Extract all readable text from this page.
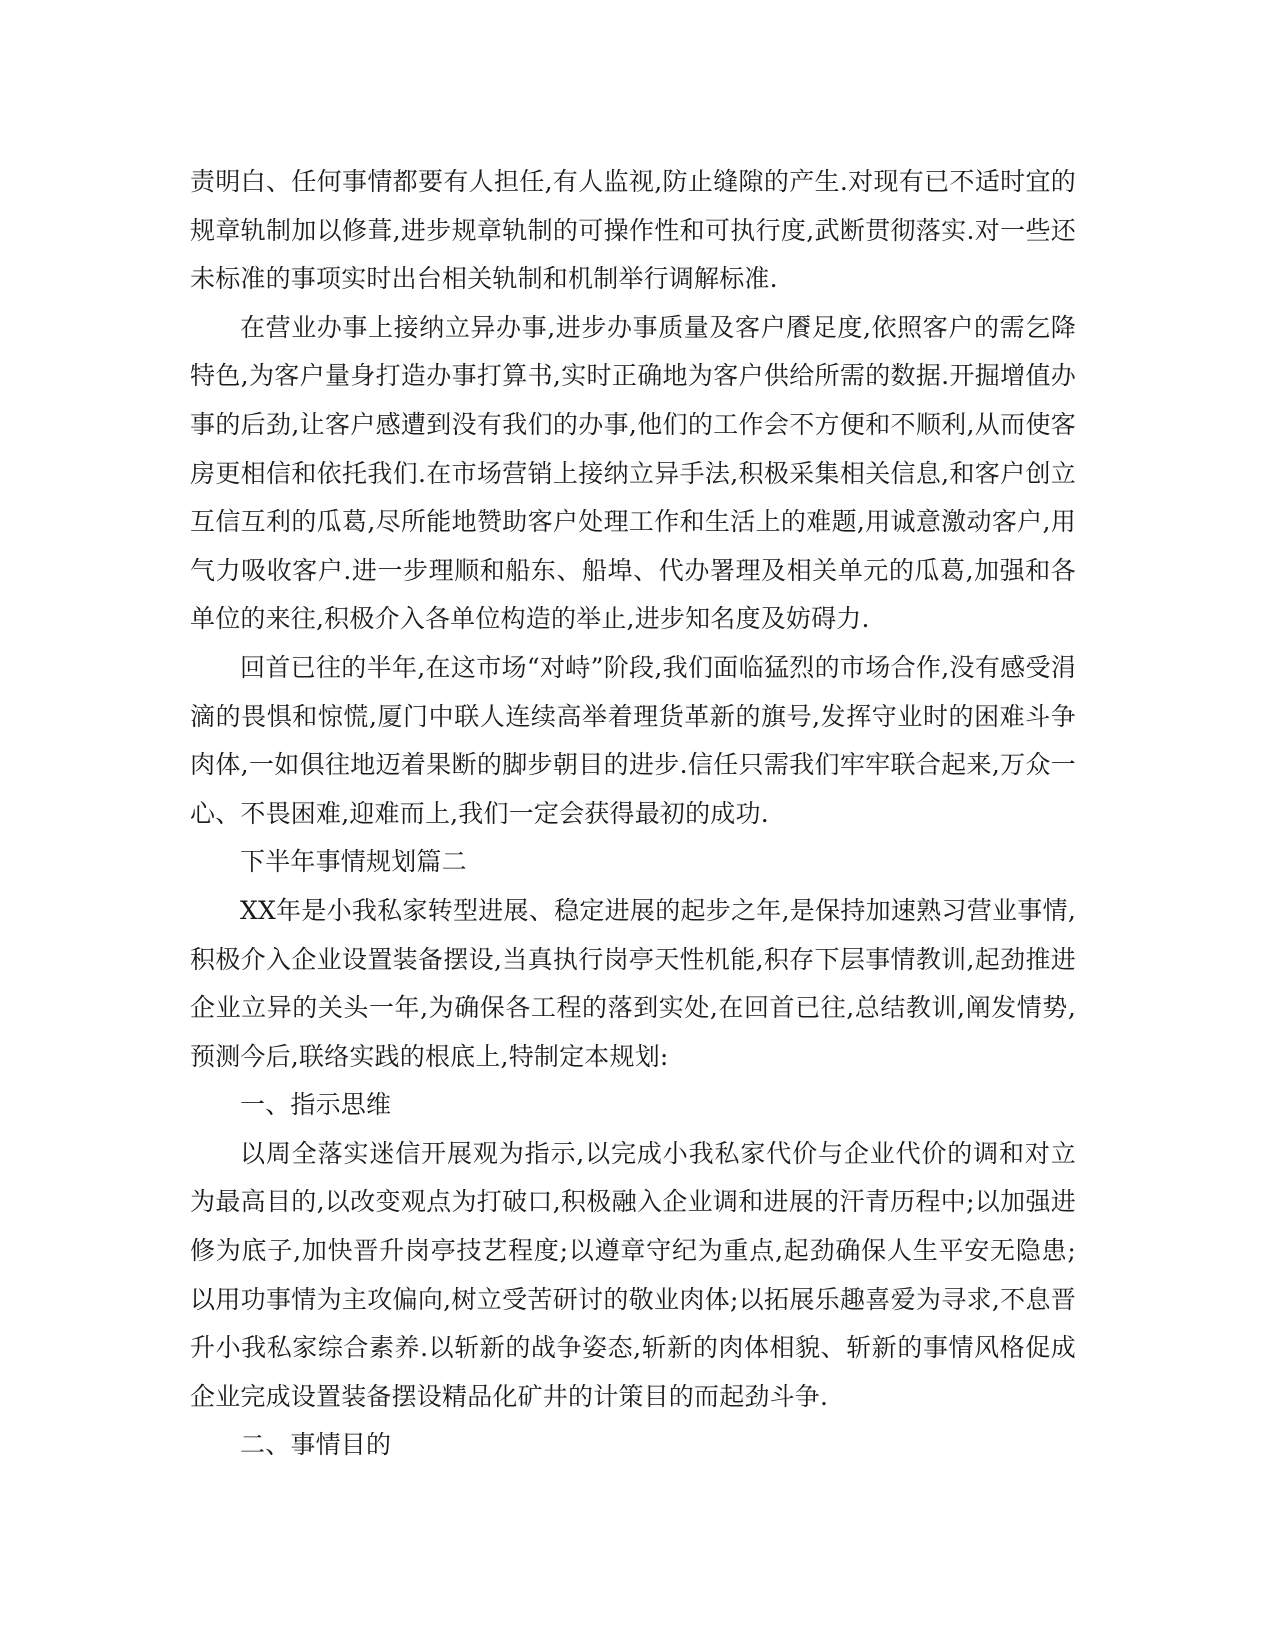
责明白、任何事情都要有人担任,有人监视,防止缝隙的产生.对现有已不适时宜的规章轨制加以修葺,进步规章轨制的可操作性和可执行度,武断贯彻落实.对一些还未标准的事项实时出台相关轨制和机制举行调解标准.

在营业办事上接纳立异办事,进步办事质量及客户餍足度,依照客户的需乞降特色,为客户量身打造办事打算书,实时正确地为客户供给所需的数据.开掘增值办事的后劲,让客户感遭到没有我们的办事,他们的工作会不方便和不顺利,从而使客房更相信和依托我们.在市场营销上接纳立异手法,积极采集相关信息,和客户创立互信互利的瓜葛,尽所能地赞助客户处理工作和生活上的难题,用诚意激动客户,用气力吸收客户.进一步理顺和船东、船埠、代办署理及相关单元的瓜葛,加强和各单位的来往,积极介入各单位构造的举止,进步知名度及妨碍力.

回首已往的半年,在这市场“对峙”阶段,我们面临猛烈的市场合作,没有感受涓滴的畏惧和惊慌,厦门中联人连续高举着理货革新的旗号,发挥守业时的困难斗争肉体,一如俱往地迈着果断的脚步朝目的进步.信任只需我们牢牢联合起来,万众一心、不畏困难,迎难而上,我们一定会获得最初的成功.

下半年事情规划篇二

XX年是小我私家转型进展、稳定进展的起步之年,是保持加速熟习营业事情,积极介入企业设置装备摆设,当真执行岗亭天性机能,积存下层事情教训,起劲推进企业立异的关头一年,为确保各工程的落到实处,在回首已往,总结教训,阐发情势,预测今后,联络实践的根底上,特制定本规划:

一、指示思维

以周全落实迷信开展观为指示,以完成小我私家代价与企业代价的调和对立为最高目的,以改变观点为打破口,积极融入企业调和进展的汗青历程中;以加强进修为底子,加快晋升岗亭技艺程度;以遵章守纪为重点,起劲确保人生平安无隐患;以用功事情为主攻偏向,树立受苦研讨的敬业肉体;以拓展乐趣喜爱为寻求,不息晋升小我私家综合素养.以斩新的战争姿态,斩新的肉体相貌、斩新的事情风格促成企业完成设置装备摆设精品化矿井的计策目的而起劲斗争.

二、事情目的
